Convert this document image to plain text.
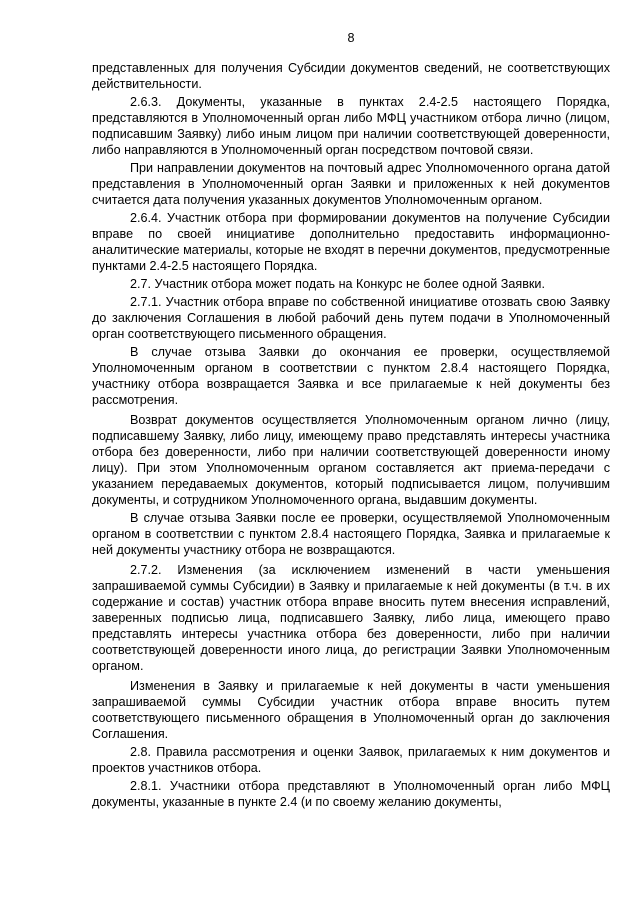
8

представленных для получения Субсидии документов сведений, не соответствующих действительности.

2.6.3. Документы, указанные в пунктах 2.4-2.5 настоящего Порядка, представляются в Уполномоченный орган либо МФЦ участником отбора лично (лицом, подписавшим Заявку) либо иным лицом при наличии соответствующей доверенности, либо направляются в Уполномоченный орган посредством почтовой связи.

При направлении документов на почтовый адрес Уполномоченного органа датой представления в Уполномоченный орган Заявки и приложенных к ней документов считается дата получения указанных документов Уполномоченным органом.

2.6.4. Участник отбора при формировании документов на получение Субсидии вправе по своей инициативе дополнительно предоставить информационно-аналитические материалы, которые не входят в перечни документов, предусмотренные пунктами 2.4-2.5 настоящего Порядка.

2.7. Участник отбора может подать на Конкурс не более одной Заявки.

2.7.1. Участник отбора вправе по собственной инициативе отозвать свою Заявку до заключения Соглашения в любой рабочий день путем подачи в Уполномоченный орган соответствующего письменного обращения.

В случае отзыва Заявки до окончания ее проверки, осуществляемой Уполномоченным органом в соответствии с пунктом 2.8.4 настоящего Порядка, участнику отбора возвращается Заявка и все прилагаемые к ней документы без рассмотрения.

Возврат документов осуществляется Уполномоченным органом лично (лицу, подписавшему Заявку, либо лицу, имеющему право представлять интересы участника отбора без доверенности, либо при наличии соответствующей доверенности иному лицу). При этом Уполномоченным органом составляется акт приема-передачи с указанием передаваемых документов, который подписывается лицом, получившим документы, и сотрудником Уполномоченного органа, выдавшим документы.

В случае отзыва Заявки после ее проверки, осуществляемой Уполномоченным органом в соответствии с пунктом 2.8.4 настоящего Порядка, Заявка и прилагаемые к ней документы участнику отбора не возвращаются.

2.7.2. Изменения (за исключением изменений в части уменьшения запрашиваемой суммы Субсидии) в Заявку и прилагаемые к ней документы (в т.ч. в их содержание и состав) участник отбора вправе вносить путем внесения исправлений, заверенных подписью лица, подписавшего Заявку, либо лица, имеющего право представлять интересы участника отбора без доверенности, либо при наличии соответствующей доверенности иного лица, до регистрации Заявки Уполномоченным органом.

Изменения в Заявку и прилагаемые к ней документы в части уменьшения запрашиваемой суммы Субсидии участник отбора вправе вносить путем соответствующего письменного обращения в Уполномоченный орган до заключения Соглашения.

2.8. Правила рассмотрения и оценки Заявок, прилагаемых к ним документов и проектов участников отбора.

2.8.1. Участники отбора представляют в Уполномоченный орган либо МФЦ документы, указанные в пункте 2.4 (и по своему желанию документы,
